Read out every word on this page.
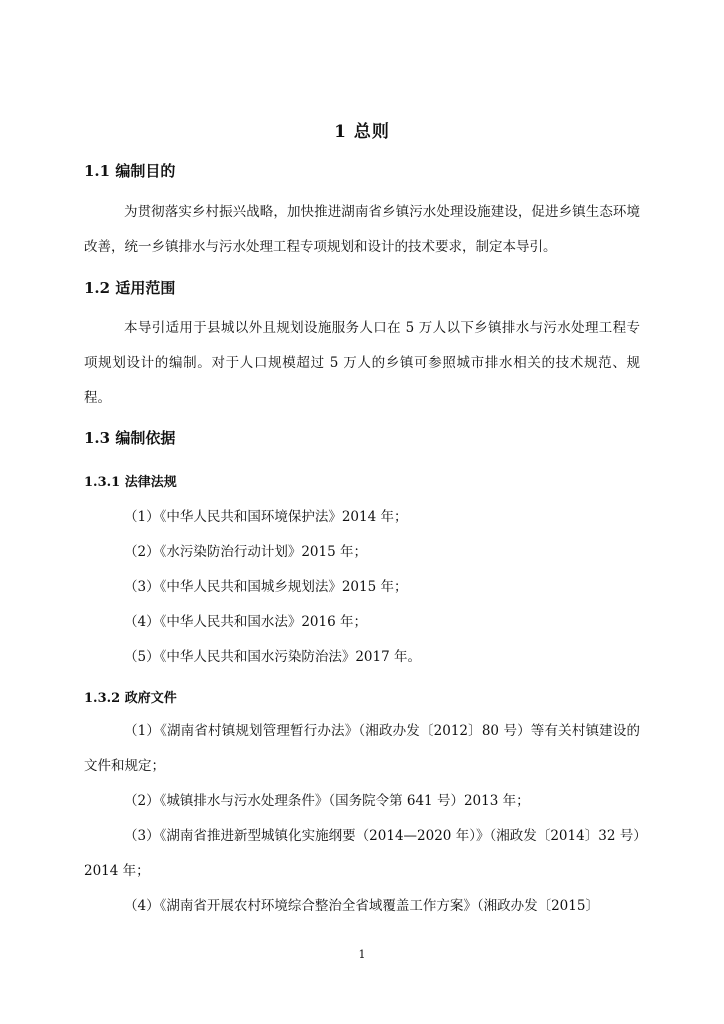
1 总则
1.1 编制目的

为贯彻落实乡村振兴战略，加快推进湖南省乡镇污水处理设施建设，促进乡镇生态环境改善，统一乡镇排水与污水处理工程专项规划和设计的技术要求，制定本导引。

1.2 适用范围

本导引适用于县城以外且规划设施服务人口在 5 万人以下乡镇排水与污水处理工程专项规划设计的编制。对于人口规模超过 5 万人的乡镇可参照城市排水相关的技术规范、规程。

1.3 编制依据
1.3.1 法律法规
（1）《中华人民共和国环境保护法》2014 年；
（2）《水污染防治行动计划》2015 年；
（3）《中华人民共和国城乡规划法》2015 年；
（4）《中华人民共和国水法》2016 年；
（5）《中华人民共和国水污染防治法》2017 年。
1.3.2 政府文件

（1）《湖南省村镇规划管理暂行办法》（湘政办发〔2012〕80 号）等有关村镇建设的文件和规定；

（2）《城镇排水与污水处理条件》（国务院令第 641 号）2013 年；

（3）《湖南省推进新型城镇化实施纲要（2014—2020 年）》（湘政发〔2014〕32 号）2014 年；

（4）《湖南省开展农村环境综合整治全省域覆盖工作方案》（湘政办发〔2015〕

1
